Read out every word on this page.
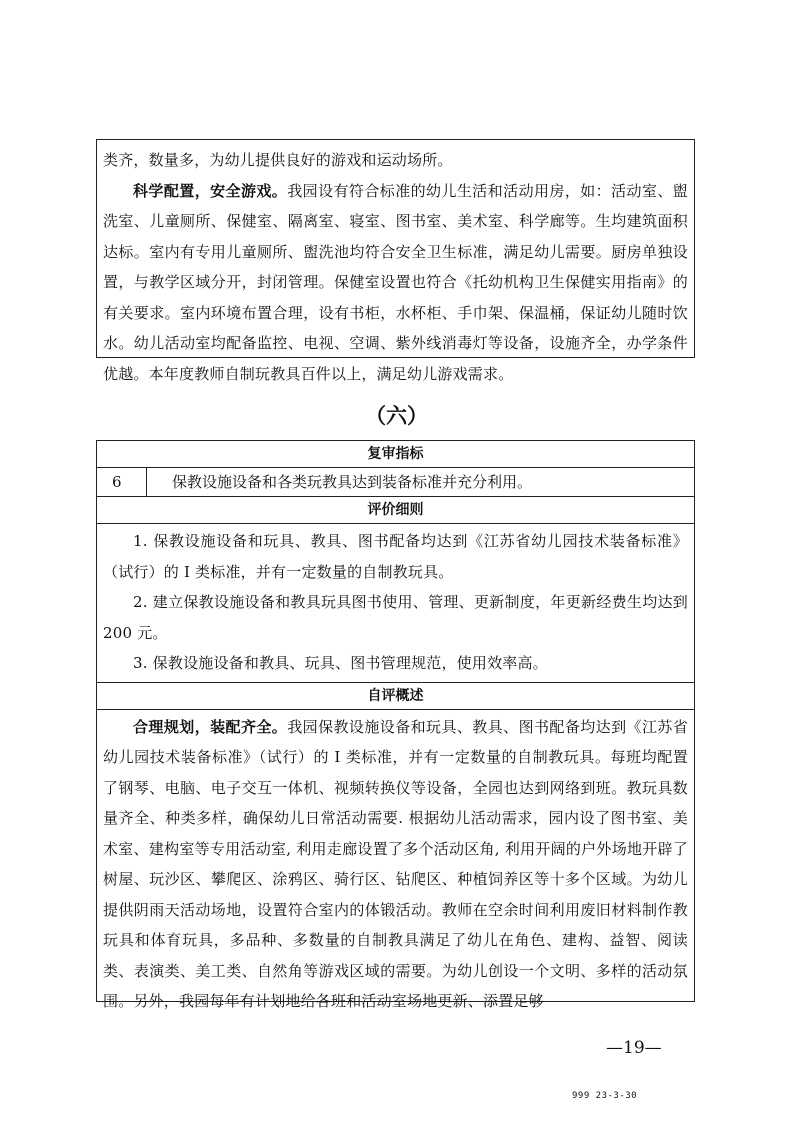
类齐，数量多，为幼儿提供良好的游戏和运动场所。

科学配置，安全游戏。我园设有符合标准的幼儿生活和活动用房，如：活动室、盥洗室、儿童厕所、保健室、隔离室、寝室、图书室、美术室、科学廊等。生均建筑面积达标。室内有专用儿童厕所、盥洗池均符合安全卫生标准，满足幼儿需要。厨房单独设置，与教学区域分开，封闭管理。保健室设置也符合《托幼机构卫生保健实用指南》的有关要求。室内环境布置合理，设有书柜，水杯柜、手巾架、保温桶，保证幼儿随时饮水。幼儿活动室均配备监控、电视、空调、紫外线消毒灯等设备，设施齐全，办学条件优越。本年度教师自制玩教具百件以上，满足幼儿游戏需求。

（六）
复审指标
6	保教设施设备和各类玩教具达到装备标准并充分利用。
评价细则

1. 保教设施设备和玩具、教具、图书配备均达到《江苏省幼儿园技术装备标准》（试行）的 I 类标准，并有一定数量的自制教玩具。

2. 建立保教设施设备和教具玩具图书使用、管理、更新制度，年更新经费生均达到 200 元。

3. 保教设施设备和教具、玩具、图书管理规范，使用效率高。

自评概述

合理规划，装配齐全。我园保教设施设备和玩具、教具、图书配备均达到《江苏省幼儿园技术装备标准》（试行）的 I 类标准，并有一定数量的自制教玩具。每班均配置了钢琴、电脑、电子交互一体机、视频转换仪等设备，全园也达到网络到班。教玩具数量齐全、种类多样，确保幼儿日常活动需要. 根据幼儿活动需求，园内设了图书室、美术室、建构室等专用活动室, 利用走廊设置了多个活动区角, 利用开阔的户外场地开辟了树屋、玩沙区、攀爬区、涂鸦区、骑行区、钻爬区、种植饲养区等十多个区域。为幼儿提供阴雨天活动场地，设置符合室内的体锻活动。教师在空余时间利用废旧材料制作教玩具和体育玩具，多品种、多数量的自制教具满足了幼儿在角色、建构、益智、阅读类、表演类、美工类、自然角等游戏区域的需要。为幼儿创设一个文明、多样的活动氛围。另外，我园每年有计划地给各班和活动室场地更新、添置足够

—19—
999 23-3-30
